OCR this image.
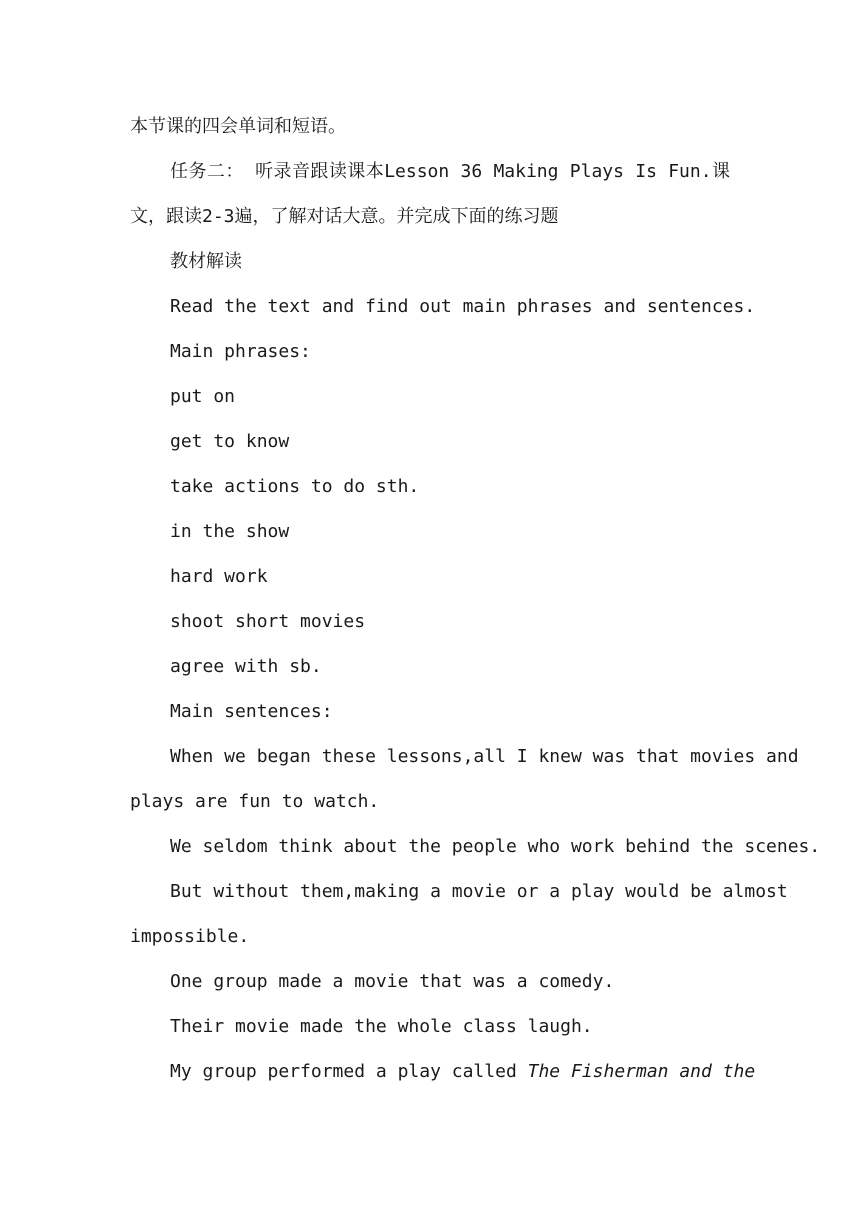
本节课的四会单词和短语。
任务二： 听录音跟读课本Lesson 36 Making Plays Is Fun.课
文，跟读2-3遍，了解对话大意。并完成下面的练习题
教材解读
Read the text and find out main phrases and sentences.
Main phrases:
put on
get to know
take actions to do sth.
in the show
hard work
shoot short movies
agree with sb.
Main sentences:
When we began these lessons,all I knew was that movies and
plays are fun to watch.
We seldom think about the people who work behind the scenes.
But without them,making a movie or a play would be almost
impossible.
One group made a movie that was a comedy.
Their movie made the whole class laugh.
My group performed a play called The Fisherman and the
